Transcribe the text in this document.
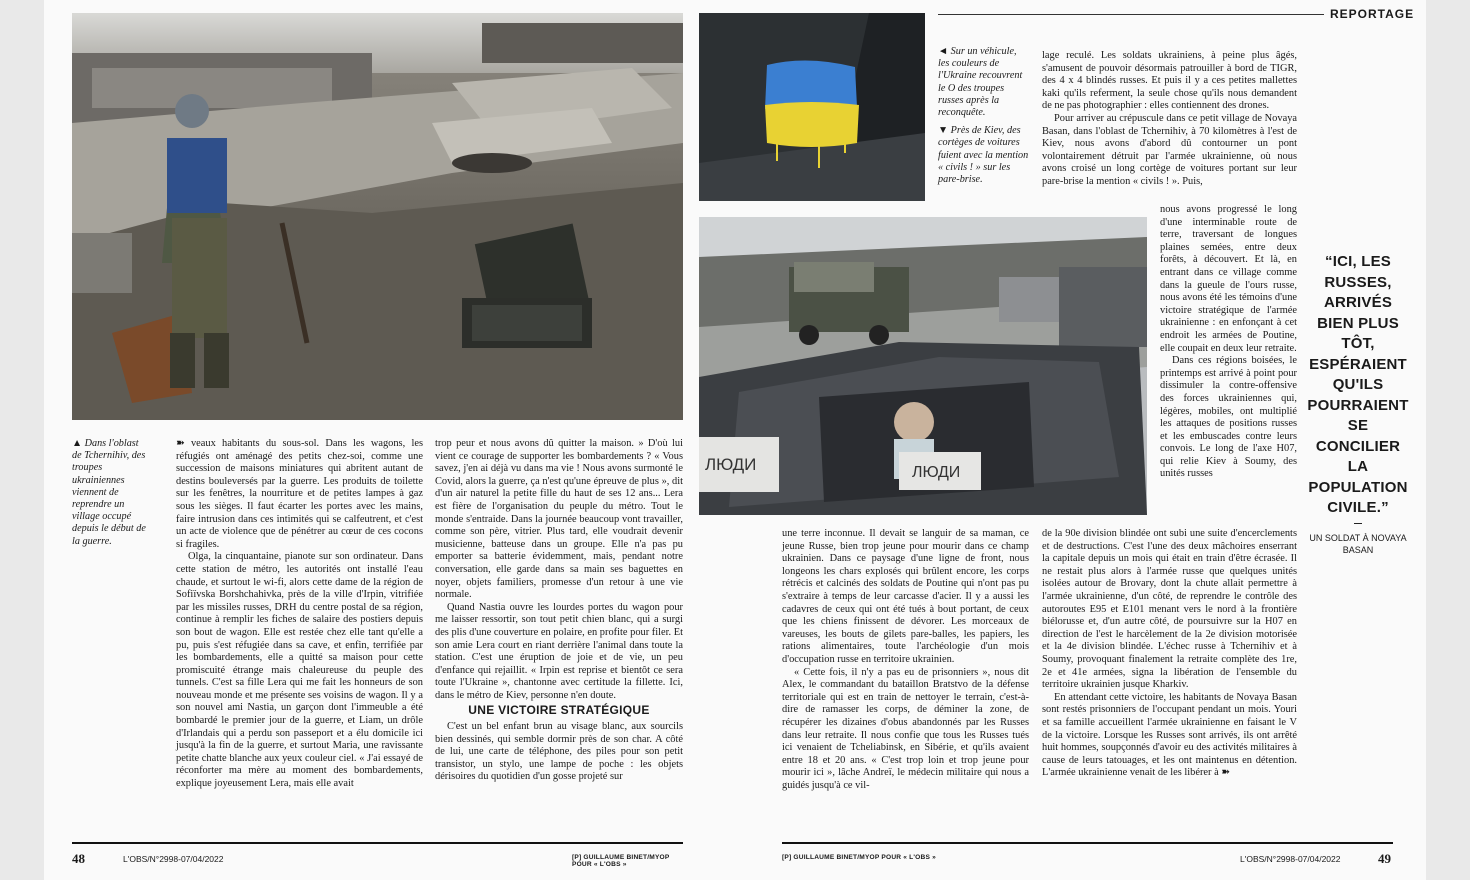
▲ Dans l'oblast de Tchernihiv, des troupes ukrainiennes viennent de reprendre un village occupé depuis le début de la guerre.

➽ veaux habitants du sous-sol. Dans les wagons, les réfugiés ont aménagé des petits chez-soi, comme une succession de maisons miniatures qui abritent autant de destins bouleversés par la guerre. Les produits de toilette sur les fenêtres, la nourriture et de petites lampes à gaz sous les sièges. Il faut écarter les portes avec les mains, faire intrusion dans ces intimités qui se calfeutrent, et c'est un acte de violence que de pénétrer au cœur de ces cocons si fragiles.

Olga, la cinquantaine, pianote sur son ordinateur. Dans cette station de métro, les autorités ont installé l'eau chaude, et surtout le wi-fi, alors cette dame de la région de Sofiïvska Borshchahivka, près de la ville d'Irpin, vitrifiée par les missiles russes, DRH du centre postal de sa région, continue à remplir les fiches de salaire des postiers depuis son bout de wagon. Elle est restée chez elle tant qu'elle a pu, puis s'est réfugiée dans sa cave, et enfin, terrifiée par les bombardements, elle a quitté sa maison pour cette promiscuité étrange mais chaleureuse du peuple des tunnels. C'est sa fille Lera qui me fait les honneurs de son nouveau monde et me présente ses voisins de wagon. Il y a son nouvel ami Nastia, un garçon dont l'immeuble a été bombardé le premier jour de la guerre, et Liam, un drôle d'Irlandais qui a perdu son passeport et a élu domicile ici jusqu'à la fin de la guerre, et surtout Maria, une ravissante petite chatte blanche aux yeux couleur ciel. « J'ai essayé de réconforter ma mère au moment des bombardements, explique joyeusement Lera, mais elle avait

trop peur et nous avons dû quitter la maison. » D'où lui vient ce courage de supporter les bombardements ? « Vous savez, j'en ai déjà vu dans ma vie ! Nous avons surmonté le Covid, alors la guerre, ça n'est qu'une épreuve de plus », dit d'un air naturel la petite fille du haut de ses 12 ans... Lera est fière de l'organisation du peuple du métro. Tout le monde s'entraide. Dans la journée beaucoup vont travailler, comme son père, vitrier. Plus tard, elle voudrait devenir musicienne, batteuse dans un groupe. Elle n'a pas pu emporter sa batterie évidemment, mais, pendant notre conversation, elle garde dans sa main ses baguettes en noyer, objets familiers, promesse d'un retour à une vie normale.

Quand Nastia ouvre les lourdes portes du wagon pour me laisser ressortir, son tout petit chien blanc, qui a surgi des plis d'une couverture en polaire, en profite pour filer. Et son amie Lera court en riant derrière l'animal dans toute la station. C'est une éruption de joie et de vie, un peu d'enfance qui rejaillit. « Irpin est reprise et bientôt ce sera toute l'Ukraine », chantonne avec certitude la fillette. Ici, dans le métro de Kiev, personne n'en doute.

UNE VICTOIRE STRATÉGIQUE

C'est un bel enfant brun au visage blanc, aux sourcils bien dessinés, qui semble dormir près de son char. A côté de lui, une carte de téléphone, des piles pour son petit transistor, un stylo, une lampe de poche : les objets dérisoires du quotidien d'un gosse projeté sur

48	L'OBS/N°2998-07/04/2022	[P] GUILLAUME BINET/MYOP POUR « L'OBS »
REPORTAGE
◄ Sur un véhicule, les couleurs de l'Ukraine recouvrent le O des troupes russes après la reconquête.
▼ Près de Kiev, des cortèges de voitures fuient avec la mention « civils ! » sur les pare-brise.

lage reculé. Les soldats ukrainiens, à peine plus âgés, s'amusent de pouvoir désormais patrouiller à bord de TIGR, des 4 x 4 blindés russes. Et puis il y a ces petites mallettes kaki qu'ils referment, la seule chose qu'ils nous demandent de ne pas photographier : elles contiennent des drones.

Pour arriver au crépuscule dans ce petit village de Novaya Basan, dans l'oblast de Tchernihiv, à 70 kilomètres à l'est de Kiev, nous avons d'abord dû contourner un pont volontairement détruit par l'armée ukrainienne, où nous avons croisé un long cortège de voitures portant sur leur pare-brise la mention « civils ! ». Puis,

ЛЮДИ
ЛЮДИ

nous avons progressé le long d'une interminable route de terre, traversant de longues plaines semées, entre deux forêts, à découvert. Et là, en entrant dans ce village comme dans la gueule de l'ours russe, nous avons été les témoins d'une victoire stratégique de l'armée ukrainienne : en enfonçant à cet endroit les armées de Poutine, elle coupait en deux leur retraite.

Dans ces régions boisées, le printemps est arrivé à point pour dissimuler la contre-offensive des forces ukrainiennes qui, légères, mobiles, ont multiplié les attaques de positions russes et les embuscades contre leurs convois. Le long de l'axe H07, qui relie Kiev à Soumy, des unités russes

“ICI, LES RUSSES, ARRIVÉS BIEN PLUS TÔT, ESPÉRAIENT QU'ILS POURRAIENT SE CONCILIER LA POPULATION CIVILE.”
UN SOLDAT À NOVAYA BASAN

une terre inconnue. Il devait se languir de sa maman, ce jeune Russe, bien trop jeune pour mourir dans ce champ ukrainien. Dans ce paysage d'une ligne de front, nous longeons les chars explosés qui brûlent encore, les corps rétrécis et calcinés des soldats de Poutine qui n'ont pas pu s'extraire à temps de leur carcasse d'acier. Il y a aussi les cadavres de ceux qui ont été tués à bout portant, de ceux que les chiens finissent de dévorer. Les morceaux de vareuses, les bouts de gilets pare-balles, les papiers, les rations alimentaires, toute l'archéologie d'un mois d'occupation russe en territoire ukrainien.

« Cette fois, il n'y a pas eu de prisonniers », nous dit Alex, le commandant du bataillon Bratstvo de la défense territoriale qui est en train de nettoyer le terrain, c'est-à-dire de ramasser les corps, de déminer la zone, de récupérer les dizaines d'obus abandonnés par les Russes dans leur retraite. Il nous confie que tous les Russes tués ici venaient de Tcheliabinsk, en Sibérie, et qu'ils avaient entre 18 et 20 ans. « C'est trop loin et trop jeune pour mourir ici », lâche Andreï, le médecin militaire qui nous a guidés jusqu'à ce vil-

de la 90e division blindée ont subi une suite d'encerclements et de destructions. C'est l'une des deux mâchoires enserrant la capitale depuis un mois qui était en train d'être écrasée. Il ne restait plus alors à l'armée russe que quelques unités isolées autour de Brovary, dont la chute allait permettre à l'armée ukrainienne, d'un côté, de reprendre le contrôle des autoroutes E95 et E101 menant vers le nord à la frontière biélorusse et, d'un autre côté, de poursuivre sur la H07 en direction de l'est le harcèlement de la 2e division motorisée et la 4e division blindée. L'échec russe à Tchernihiv et à Soumy, provoquant finalement la retraite complète des 1re, 2e et 41e armées, signa la libération de l'ensemble du territoire ukrainien jusque Kharkiv.

En attendant cette victoire, les habitants de Novaya Basan sont restés prisonniers de l'occupant pendant un mois. Youri et sa famille accueillent l'armée ukrainienne en faisant le V de la victoire. Lorsque les Russes sont arrivés, ils ont arrêté huit hommes, soupçonnés d'avoir eu des activités militaires à cause de leurs tatouages, et les ont maintenus en détention. L'armée ukrainienne venait de les libérer à ➽

[P] GUILLAUME BINET/MYOP POUR « L'OBS »	L'OBS/N°2998-07/04/2022	49
